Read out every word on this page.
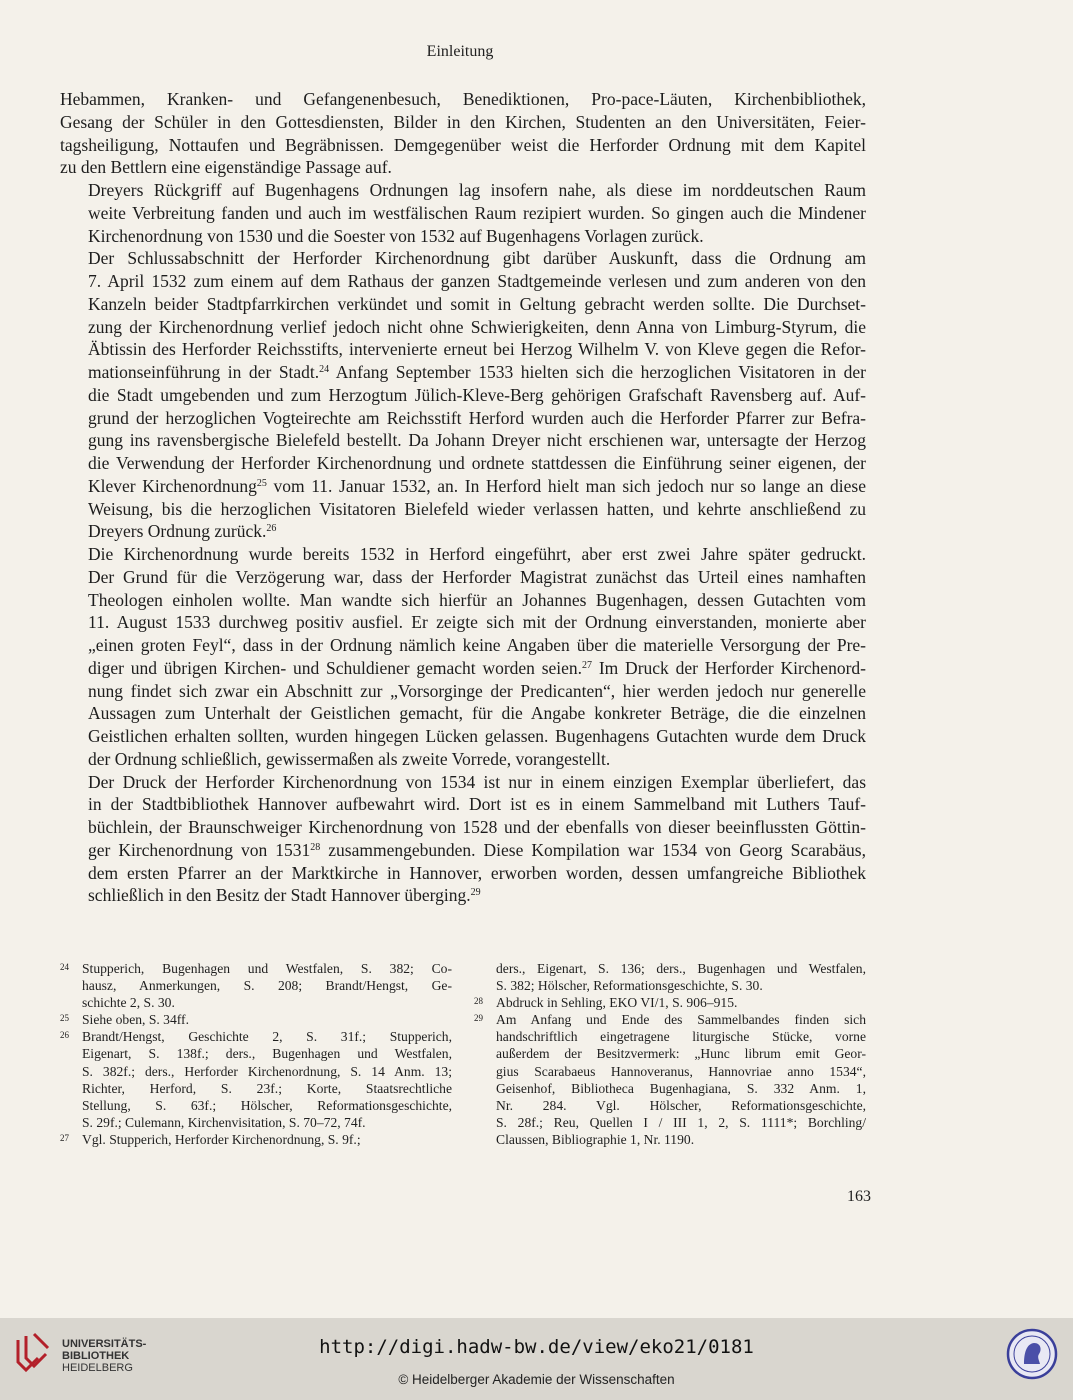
Einleitung
Hebammen, Kranken- und Gefangenenbesuch, Benediktionen, Pro-pace-Läuten, Kirchenbibliothek,
Gesang der Schüler in den Gottesdiensten, Bilder in den Kirchen, Studenten an den Universitäten, Feier-
tagsheiligung, Nottaufen und Begräbnissen. Demgegenüber weist die Herforder Ordnung mit dem Kapitel
zu den Bettlern eine eigenständige Passage auf.
Dreyers Rückgriff auf Bugenhagens Ordnungen lag insofern nahe, als diese im norddeutschen Raum
weite Verbreitung fanden und auch im westfälischen Raum rezipiert wurden. So gingen auch die Mindener
Kirchenordnung von 1530 und die Soester von 1532 auf Bugenhagens Vorlagen zurück.
Der Schlussabschnitt der Herforder Kirchenordnung gibt darüber Auskunft, dass die Ordnung am
7. April 1532 zum einem auf dem Rathaus der ganzen Stadtgemeinde verlesen und zum anderen von den
Kanzeln beider Stadtpfarrkirchen verkündet und somit in Geltung gebracht werden sollte. Die Durchset-
zung der Kirchenordnung verlief jedoch nicht ohne Schwierigkeiten, denn Anna von Limburg-Styrum, die
Äbtissin des Herforder Reichsstifts, intervenierte erneut bei Herzog Wilhelm V. von Kleve gegen die Refor-
mationseinführung in der Stadt.$^{24}$ Anfang September 1533 hielten sich die herzoglichen Visitatoren in der
die Stadt umgebenden und zum Herzogtum Jülich-Kleve-Berg gehörigen Grafschaft Ravensberg auf. Auf-
grund der herzoglichen Vogteirechte am Reichsstift Herford wurden auch die Herforder Pfarrer zur Befra-
gung ins ravensbergische Bielefeld bestellt. Da Johann Dreyer nicht erschienen war, untersagte der Herzog
die Verwendung der Herforder Kirchenordnung und ordnete stattdessen die Einführung seiner eigenen, der
Klever Kirchenordnung$^{25}$ vom 11. Januar 1532, an. In Herford hielt man sich jedoch nur so lange an diese
Weisung, bis die herzoglichen Visitatoren Bielefeld wieder verlassen hatten, und kehrte anschließend zu
Dreyers Ordnung zurück.$^{26}$
Die Kirchenordnung wurde bereits 1532 in Herford eingeführt, aber erst zwei Jahre später gedruckt.
Der Grund für die Verzögerung war, dass der Herforder Magistrat zunächst das Urteil eines namhaften
Theologen einholen wollte. Man wandte sich hierfür an Johannes Bugenhagen, dessen Gutachten vom
11. August 1533 durchweg positiv ausfiel. Er zeigte sich mit der Ordnung einverstanden, monierte aber
„einen groten Feyl“, dass in der Ordnung nämlich keine Angaben über die materielle Versorgung der Pre-
diger und übrigen Kirchen- und Schuldiener gemacht worden seien.$^{27}$ Im Druck der Herforder Kirchenord-
nung findet sich zwar ein Abschnitt zur „Vorsorginge der Predicanten“, hier werden jedoch nur generelle
Aussagen zum Unterhalt der Geistlichen gemacht, für die Angabe konkreter Beträge, die die einzelnen
Geistlichen erhalten sollten, wurden hingegen Lücken gelassen. Bugenhagens Gutachten wurde dem Druck
der Ordnung schließlich, gewissermaßen als zweite Vorrede, vorangestellt.
Der Druck der Herforder Kirchenordnung von 1534 ist nur in einem einzigen Exemplar überliefert, das
in der Stadtbibliothek Hannover aufbewahrt wird. Dort ist es in einem Sammelband mit Luthers Tauf-
büchlein, der Braunschweiger Kirchenordnung von 1528 und der ebenfalls von dieser beeinflussten Göttin-
ger Kirchenordnung von 1531$^{28}$ zusammengebunden. Diese Kompilation war 1534 von Georg Scarabäus,
dem ersten Pfarrer an der Marktkirche in Hannover, erworben worden, dessen umfangreiche Bibliothek
schließlich in den Besitz der Stadt Hannover überging.$^{29}$
24 Stupperich, Bugenhagen und Westfalen, S. 382; Co-
hausz, Anmerkungen, S. 208; Brandt/Hengst, Ge-
schichte 2, S. 30.
25 Siehe oben, S. 34ff.
26 Brandt/Hengst, Geschichte 2, S. 31f.; Stupperich,
Eigenart, S. 138f.; ders., Bugenhagen und Westfalen,
S. 382f.; ders., Herforder Kirchenordnung, S. 14 Anm. 13;
Richter, Herford, S. 23f.; Korte, Staatsrechtliche
Stellung, S. 63f.; Hölscher, Reformationsgeschichte,
S. 29f.; Culemann, Kirchenvisitation, S. 70–72, 74f.
27 Vgl. Stupperich, Herforder Kirchenordnung, S. 9f.;
ders., Eigenart, S. 136; ders., Bugenhagen und Westfalen,
S. 382; Hölscher, Reformationsgeschichte, S. 30.
28 Abdruck in Sehling, EKO VI/1, S. 906–915.
29 Am Anfang und Ende des Sammelbandes finden sich
handschriftlich eingetragene liturgische Stücke, vorne
außerdem der Besitzvermerk: „Hunc librum emit Geor-
gius Scarabaeus Hannoveranus, Hannovriae anno 1534“,
Geisenhof, Bibliotheca Bugenhagiana, S. 332 Anm. 1,
Nr. 284. Vgl. Hölscher, Reformationsgeschichte,
S. 28f.; Reu, Quellen I / III 1, 2, S. 1111*; Borchling/
Claussen, Bibliographie 1, Nr. 1190.
163
UNIVERSITÄTS-
BIBLIOTHEK
HEIDELBERG
http://digi.hadw-bw.de/view/eko21/0181
© Heidelberger Akademie der Wissenschaften
